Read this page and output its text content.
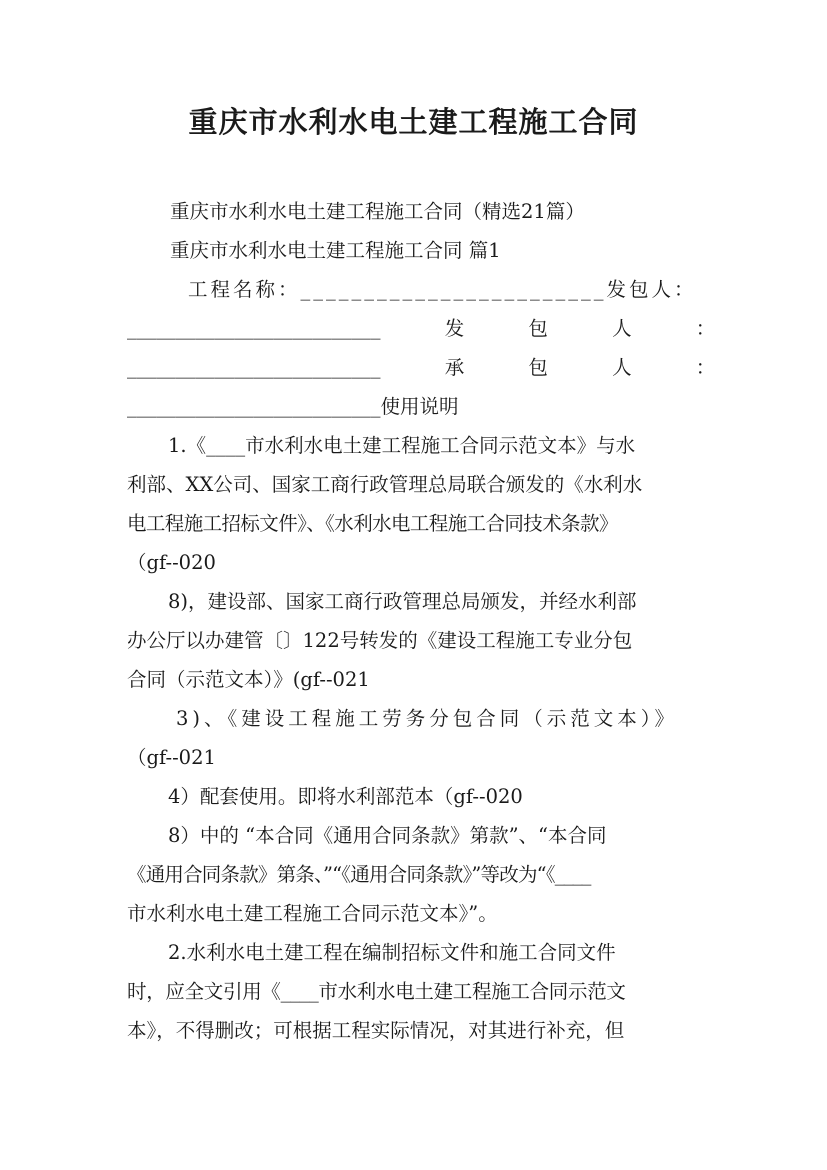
重庆市水利水电土建工程施工合同
重庆市水利水电土建工程施工合同（精选21篇）
重庆市水利水电土建工程施工合同 篇1
工程名称：________________________发包人：
__________________________ 发 包 人 ：
__________________________ 承 包 人 ：
__________________________使用说明
1.《____市水利水电土建工程施工合同示范文本》与水
利部、XX公司、国家工商行政管理总局联合颁发的《水利水
电工程施工招标文件》、《水利水电工程施工合同技术条款》
（gf--020
8)，建设部、国家工商行政管理总局颁发，并经水利部
办公厅以办建管〔〕122号转发的《建设工程施工专业分包
合同（示范文本）》(gf--021
3)、《建设工程施工劳务分包合同（示范文本）》
（gf--021
4）配套使用。即将水利部范本（gf--020
8）中的 “本合同《通用合同条款》第款”、“本合同
《通用合同条款》第条、”“《通用合同条款》”等改为“《____
市水利水电土建工程施工合同示范文本》”。
2.水利水电土建工程在编制招标文件和施工合同文件
时，应全文引用《____市水利水电土建工程施工合同示范文
本》，不得删改；可根据工程实际情况，对其进行补充，但
